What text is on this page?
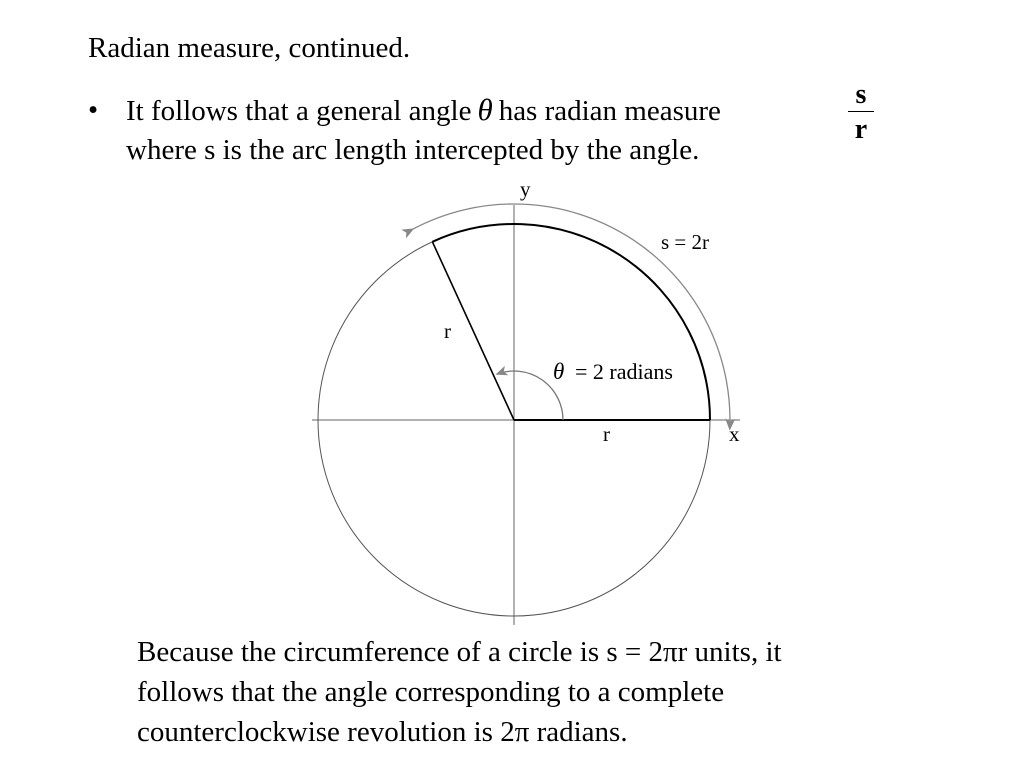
Radian measure, continued.
• It follows that a general angle θ has radian measure
s
r
where s is the arc length intercepted by the angle.
y
x
s = 2r
r
r
θ = 2 radians
Because the circumference of a circle is s = 2πr units, it
follows that the angle corresponding to a complete
counterclockwise revolution is 2π radians.
